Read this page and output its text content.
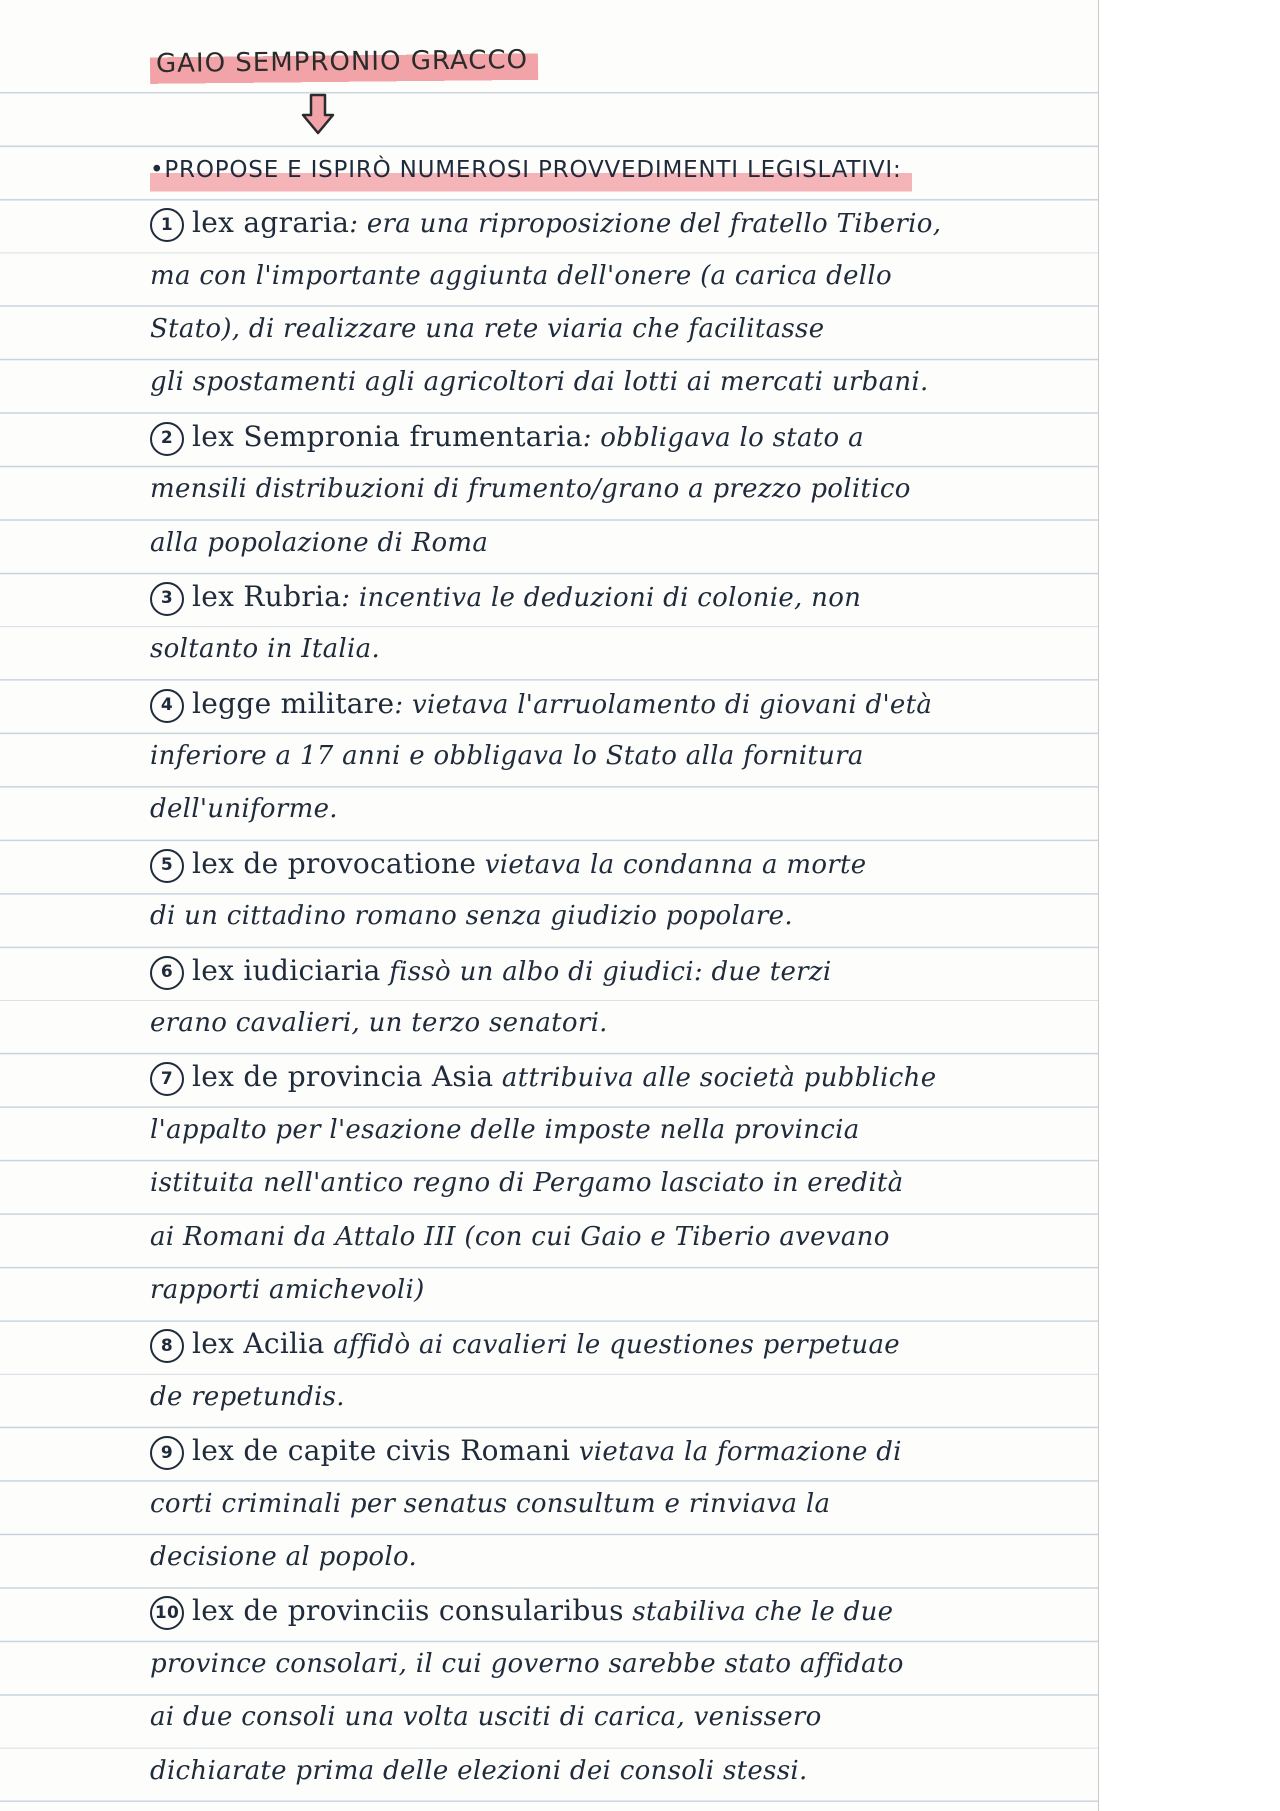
GAIO SEMPRONIO GRACCO
•PROPOSE E ISPIRÒ NUMEROSI PROVVEDIMENTI LEGISLATIVI:
1 lex agraria: era una riproposizione del fratello Tiberio,
ma con l'importante aggiunta dell'onere (a carica dello
Stato), di realizzare una rete viaria che facilitasse
gli spostamenti agli agricoltori dai lotti ai mercati urbani.
2 lex Sempronia frumentaria: obbligava lo stato a
mensili distribuzioni di frumento/grano a prezzo politico
alla popolazione di Roma
3 lex Rubria: incentiva le deduzioni di colonie, non
soltanto in Italia.
4 legge militare: vietava l'arruolamento di giovani d'età
inferiore a 17 anni e obbligava lo Stato alla fornitura
dell'uniforme.
5 lex de provocatione vietava la condanna a morte
di un cittadino romano senza giudizio popolare.
6 lex iudiciaria fissò un albo di giudici: due terzi
erano cavalieri, un terzo senatori.
7 lex de provincia Asia attribuiva alle società pubbliche
l'appalto per l'esazione delle imposte nella provincia
istituita nell'antico regno di Pergamo lasciato in eredità
ai Romani da Attalo III (con cui Gaio e Tiberio avevano
rapporti amichevoli)
8 lex Acilia affidò ai cavalieri le questiones perpetuae
de repetundis.
9 lex de capite civis Romani vietava la formazione di
corti criminali per senatus consultum e rinviava la
decisione al popolo.
10 lex de provinciis consularibus stabiliva che le due
province consolari, il cui governo sarebbe stato affidato
ai due consoli una volta usciti di carica, venissero
dichiarate prima delle elezioni dei consoli stessi.
